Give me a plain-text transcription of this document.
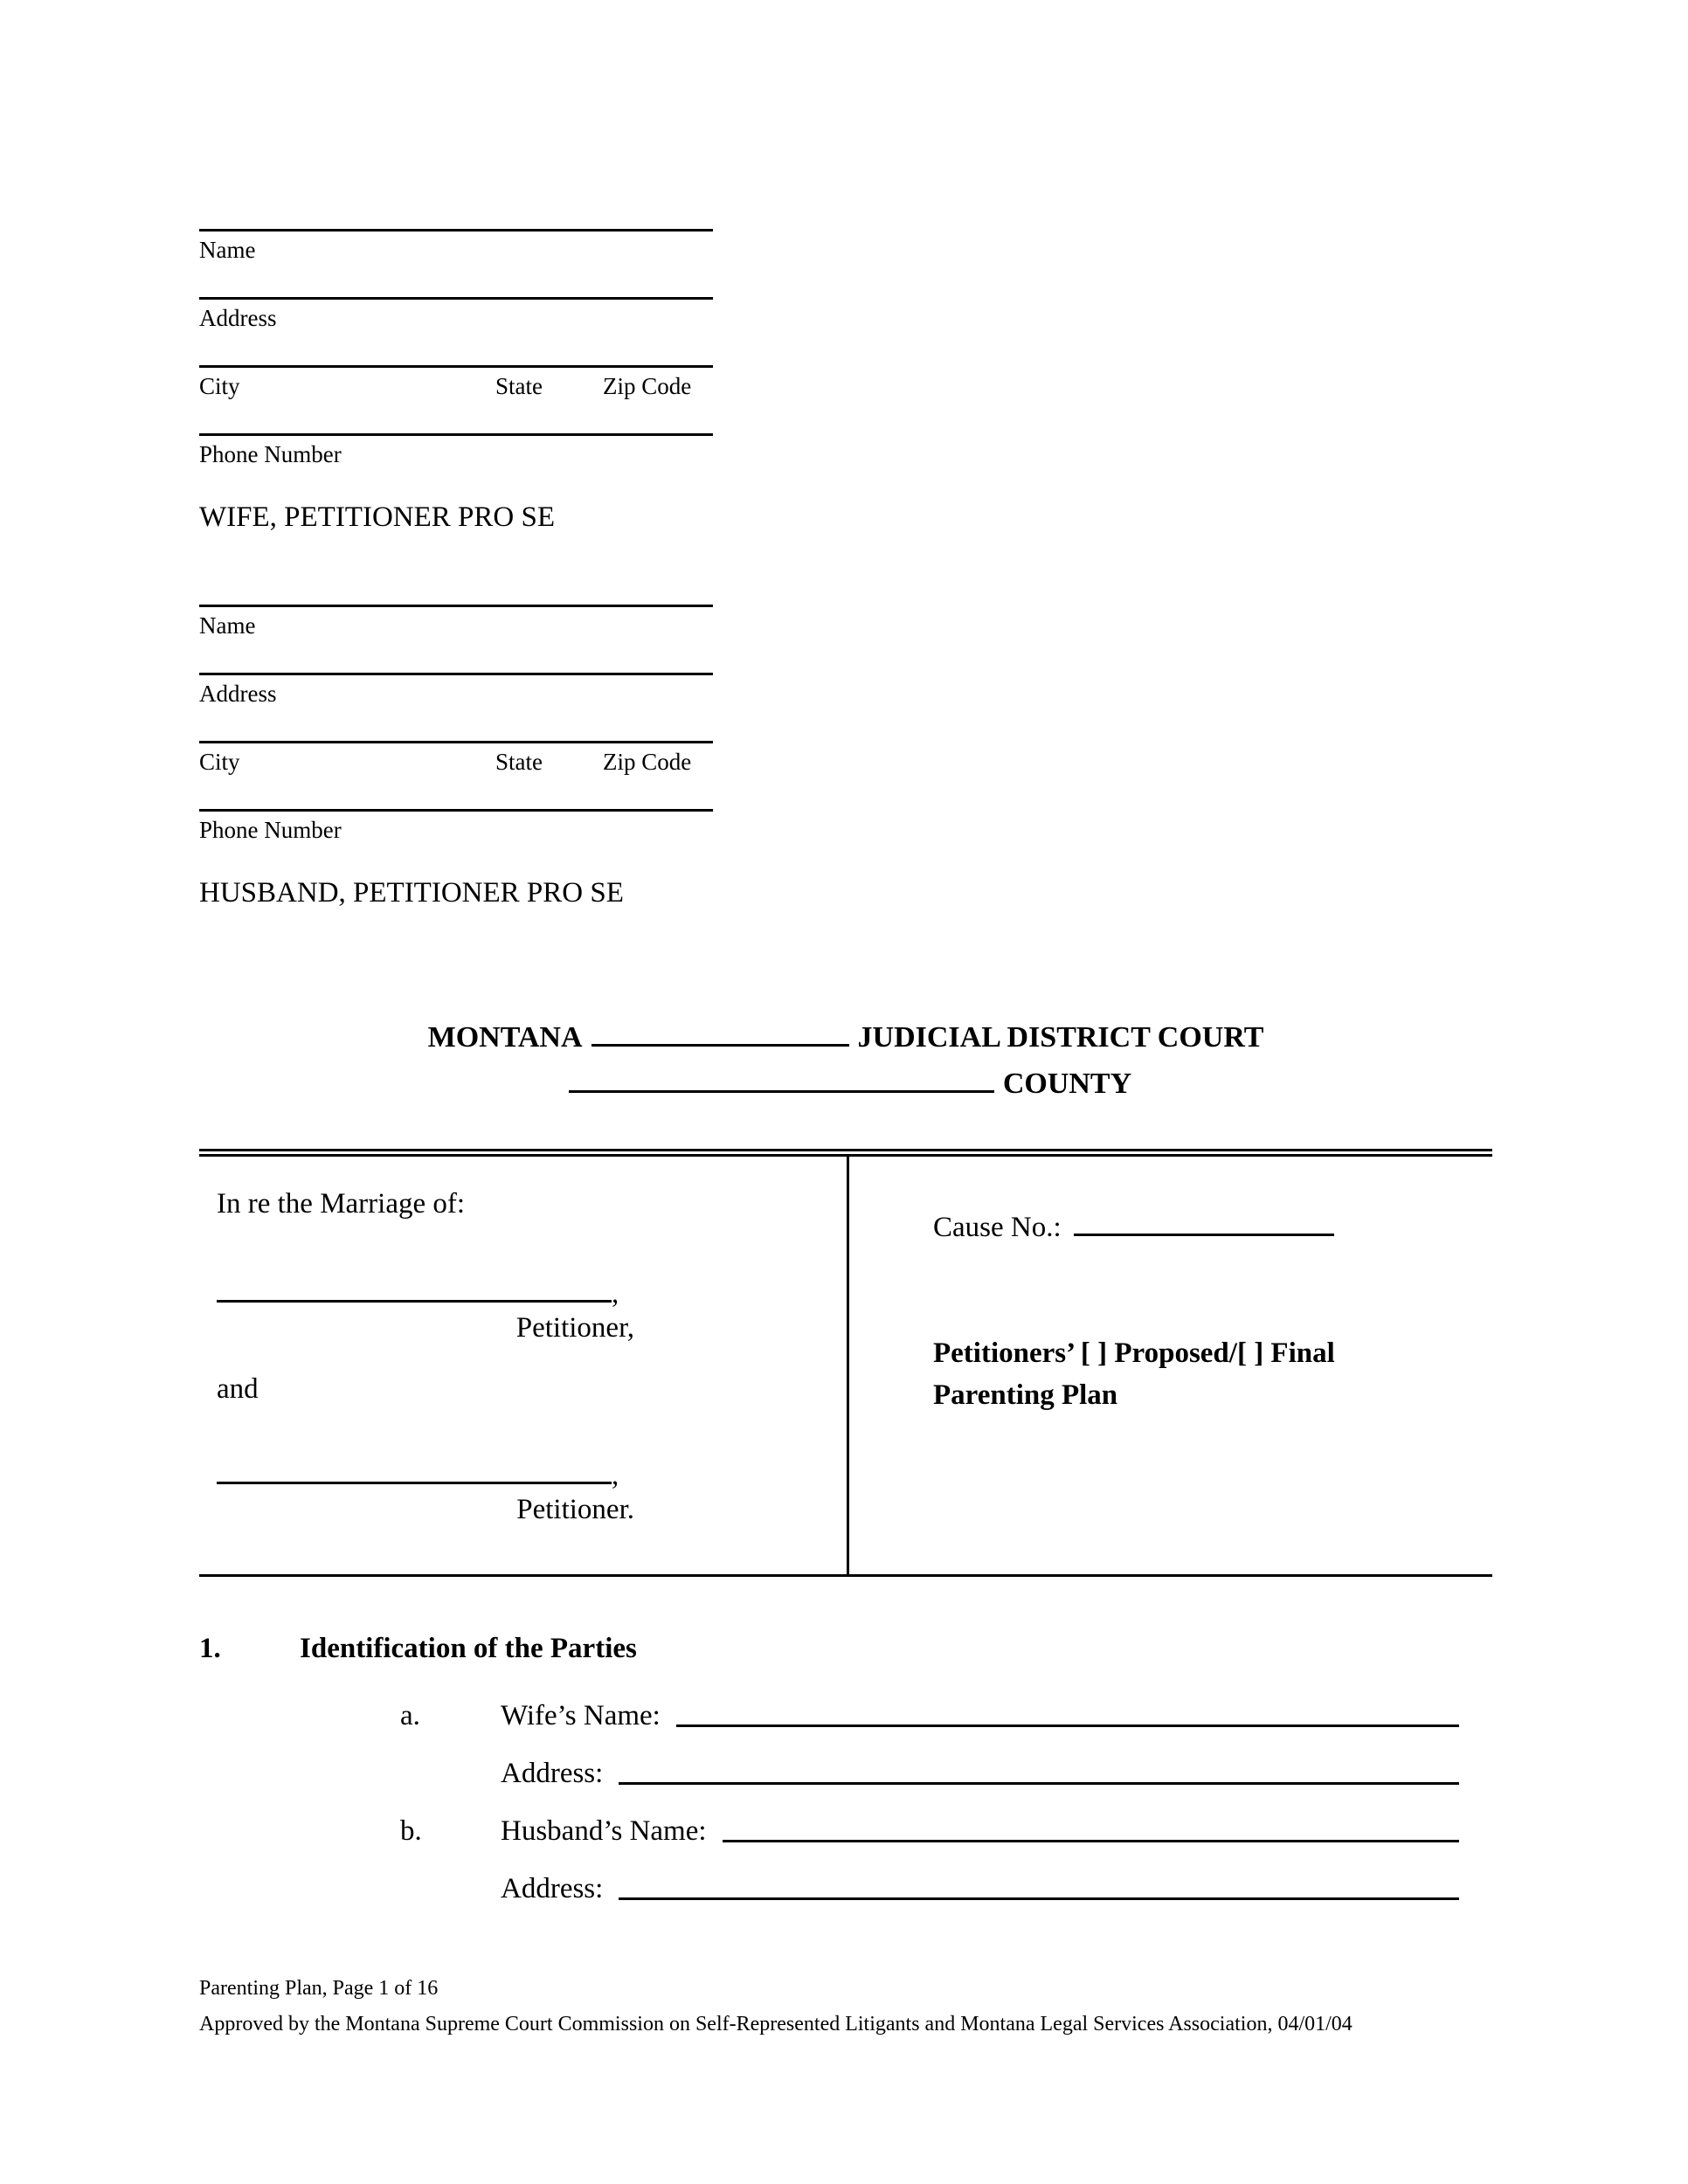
Name
Address
City	State	Zip Code
Phone Number
WIFE, PETITIONER PRO SE
Name
Address
City	State	Zip Code
Phone Number
HUSBAND, PETITIONER PRO SE
MONTANA	JUDICIAL DISTRICT COURT
COUNTY
In re the Marriage of:
,
Petitioner,
and
,
Petitioner.
Cause No.:
Petitioners’ [ ] Proposed/[ ] Final Parenting Plan
1.	Identification of the Parties
a.	Wife’s Name:
Address:
b.	Husband’s Name:
Address:
Parenting Plan, Page 1 of 16
Approved by the Montana Supreme Court Commission on Self-Represented Litigants and Montana Legal Services Association, 04/01/04
